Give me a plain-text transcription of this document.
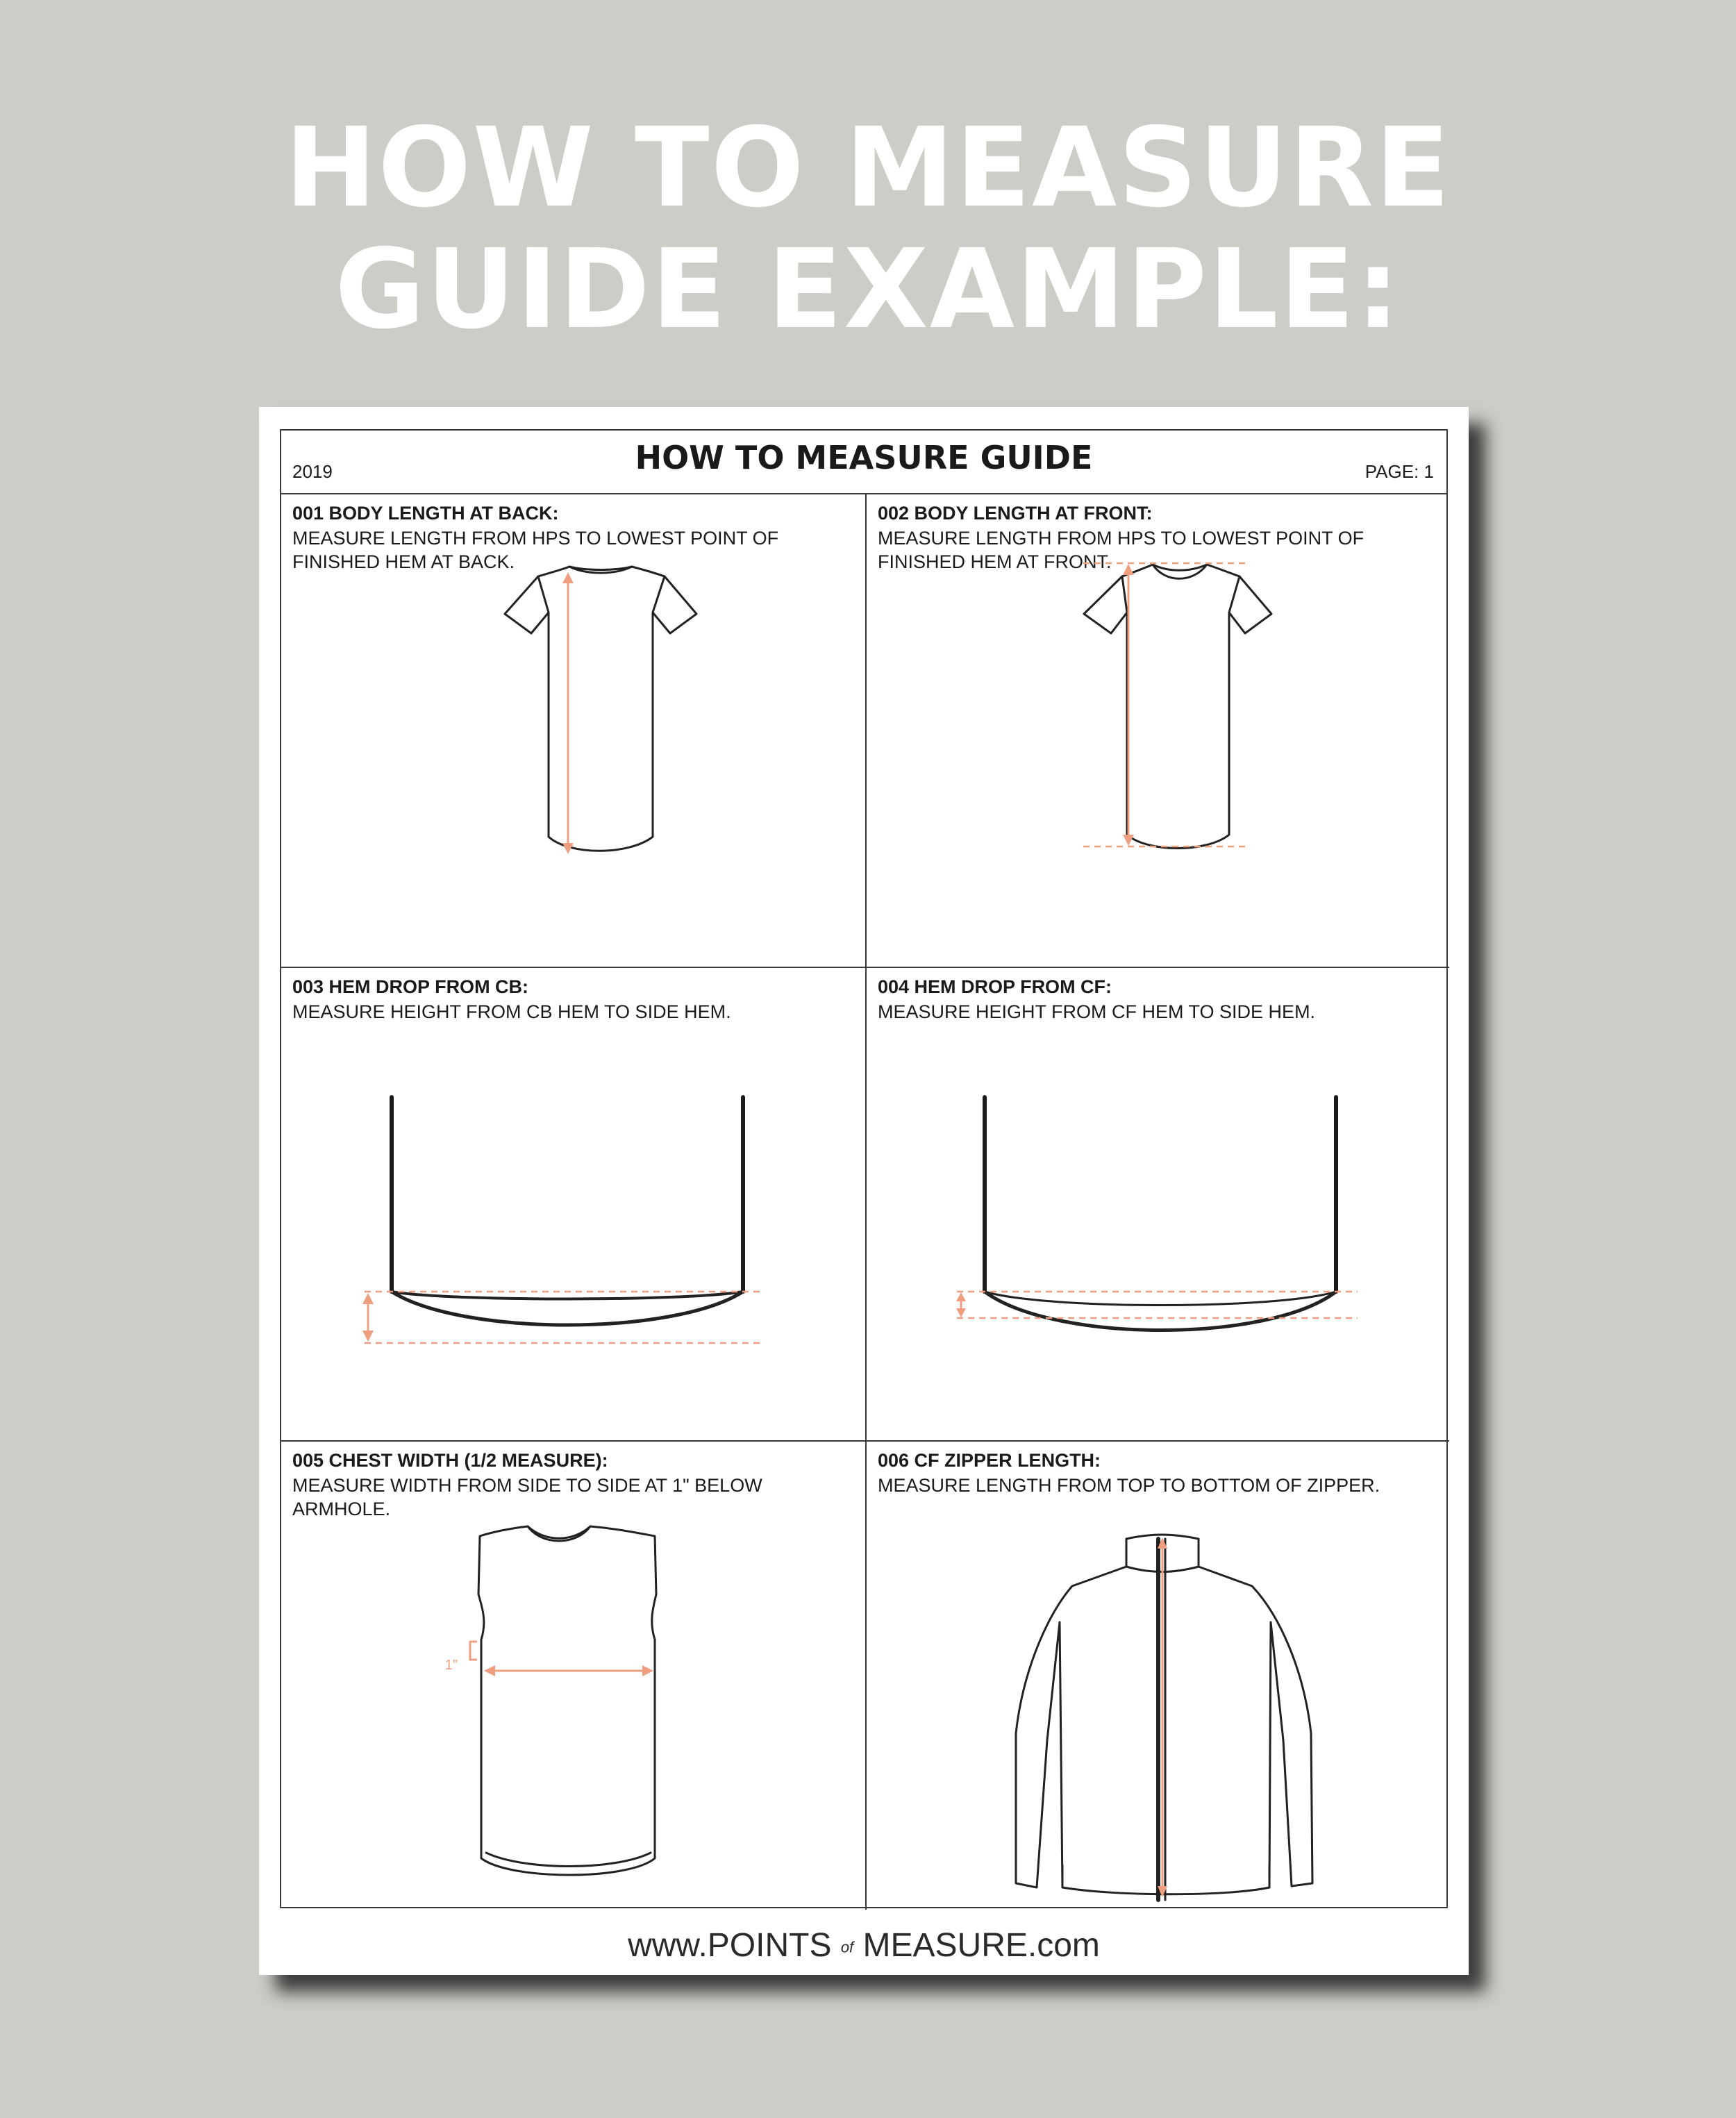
HOW TO MEASURE
GUIDE EXAMPLE:
2019	HOW TO MEASURE GUIDE	PAGE: 1
001 BODY LENGTH AT BACK:
MEASURE LENGTH FROM HPS TO LOWEST POINT OF FINISHED HEM AT BACK.
002 BODY LENGTH AT FRONT:
MEASURE LENGTH FROM HPS TO LOWEST POINT OF FINISHED HEM AT FRONT.
003 HEM DROP FROM CB:
MEASURE HEIGHT FROM CB HEM TO SIDE HEM.
004 HEM DROP FROM CF:
MEASURE HEIGHT FROM CF HEM TO SIDE HEM.
005 CHEST WIDTH (1/2 MEASURE):
MEASURE WIDTH FROM SIDE TO SIDE AT 1" BELOW ARMHOLE.
1"
006 CF ZIPPER LENGTH:
MEASURE LENGTH FROM TOP TO BOTTOM OF ZIPPER.
www.POINTS of MEASURE.com
